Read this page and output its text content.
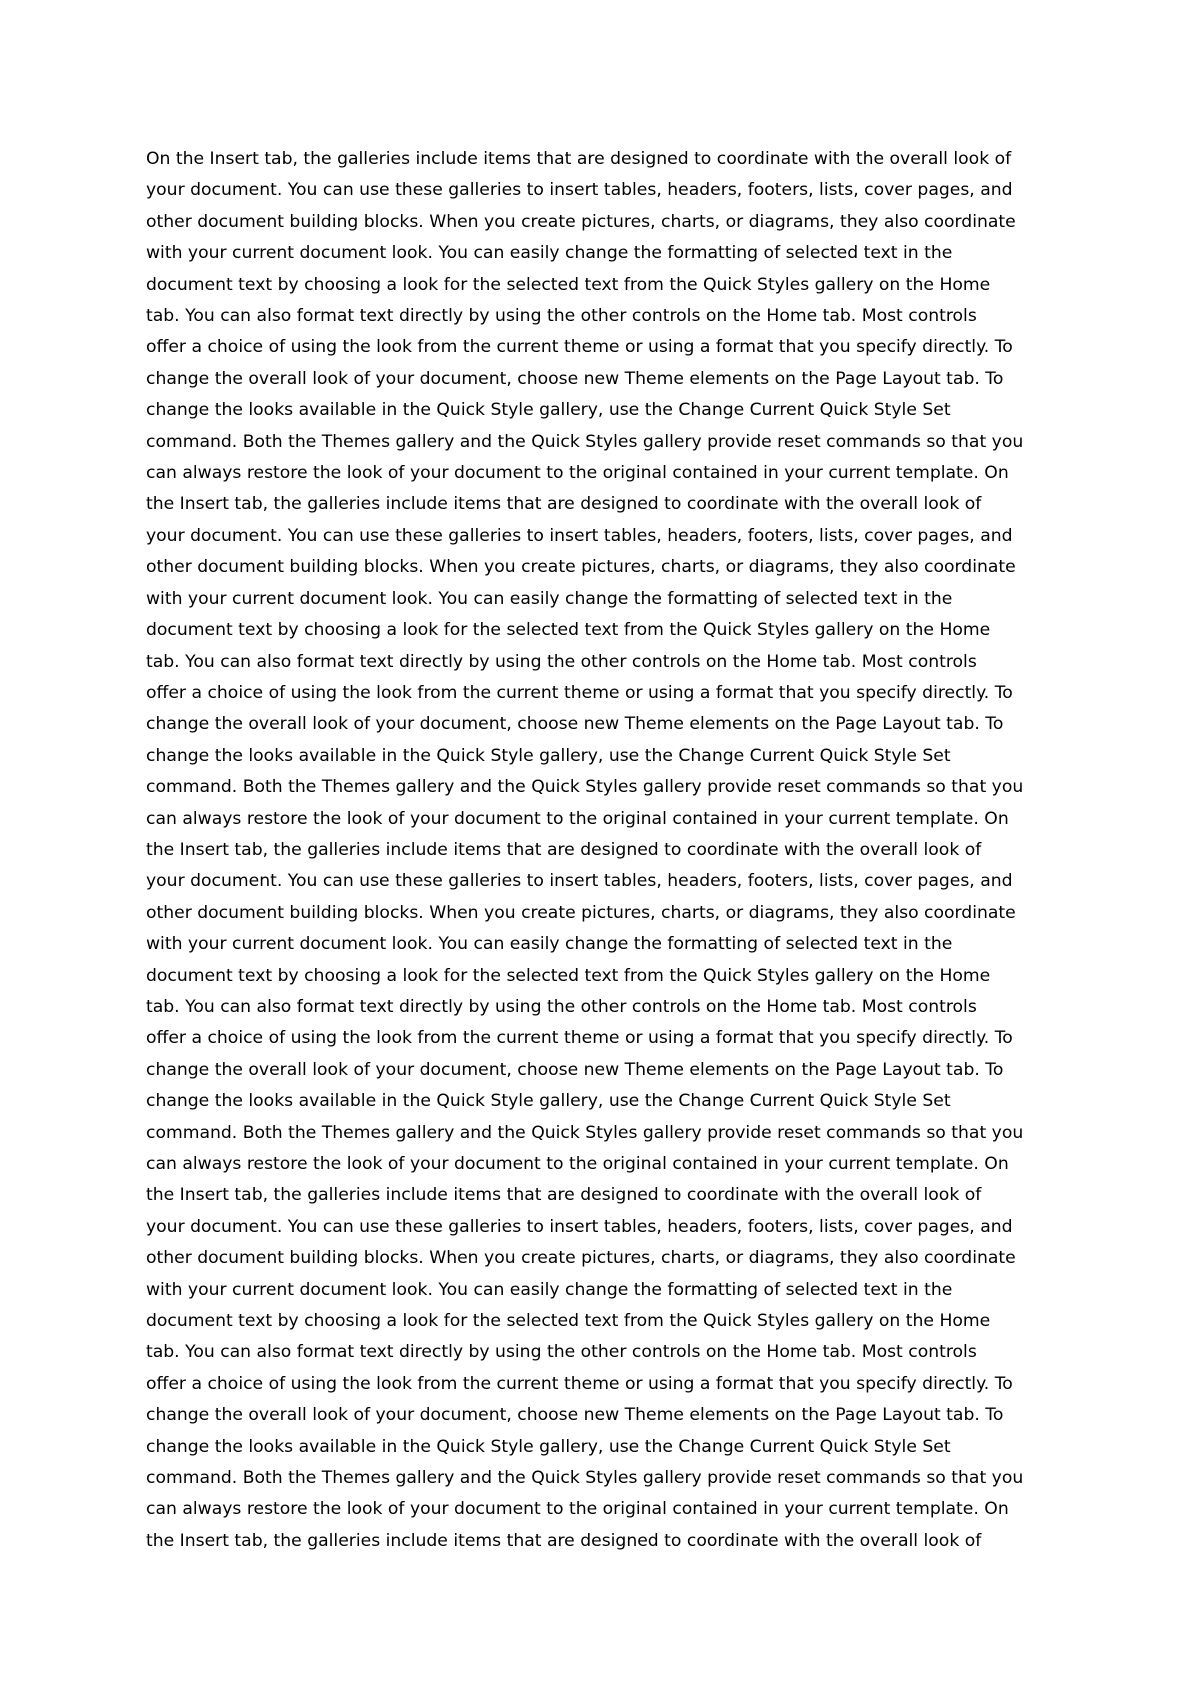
On the Insert tab, the galleries include items that are designed to coordinate with the overall look of
your document. You can use these galleries to insert tables, headers, footers, lists, cover pages, and
other document building blocks. When you create pictures, charts, or diagrams, they also coordinate
with your current document look. You can easily change the formatting of selected text in the
document text by choosing a look for the selected text from the Quick Styles gallery on the Home
tab. You can also format text directly by using the other controls on the Home tab. Most controls
offer a choice of using the look from the current theme or using a format that you specify directly. To
change the overall look of your document, choose new Theme elements on the Page Layout tab. To
change the looks available in the Quick Style gallery, use the Change Current Quick Style Set
command. Both the Themes gallery and the Quick Styles gallery provide reset commands so that you
can always restore the look of your document to the original contained in your current template. On
the Insert tab, the galleries include items that are designed to coordinate with the overall look of
your document. You can use these galleries to insert tables, headers, footers, lists, cover pages, and
other document building blocks. When you create pictures, charts, or diagrams, they also coordinate
with your current document look. You can easily change the formatting of selected text in the
document text by choosing a look for the selected text from the Quick Styles gallery on the Home
tab. You can also format text directly by using the other controls on the Home tab. Most controls
offer a choice of using the look from the current theme or using a format that you specify directly. To
change the overall look of your document, choose new Theme elements on the Page Layout tab. To
change the looks available in the Quick Style gallery, use the Change Current Quick Style Set
command. Both the Themes gallery and the Quick Styles gallery provide reset commands so that you
can always restore the look of your document to the original contained in your current template. On
the Insert tab, the galleries include items that are designed to coordinate with the overall look of
your document. You can use these galleries to insert tables, headers, footers, lists, cover pages, and
other document building blocks. When you create pictures, charts, or diagrams, they also coordinate
with your current document look. You can easily change the formatting of selected text in the
document text by choosing a look for the selected text from the Quick Styles gallery on the Home
tab. You can also format text directly by using the other controls on the Home tab. Most controls
offer a choice of using the look from the current theme or using a format that you specify directly. To
change the overall look of your document, choose new Theme elements on the Page Layout tab. To
change the looks available in the Quick Style gallery, use the Change Current Quick Style Set
command. Both the Themes gallery and the Quick Styles gallery provide reset commands so that you
can always restore the look of your document to the original contained in your current template. On
the Insert tab, the galleries include items that are designed to coordinate with the overall look of
your document. You can use these galleries to insert tables, headers, footers, lists, cover pages, and
other document building blocks. When you create pictures, charts, or diagrams, they also coordinate
with your current document look. You can easily change the formatting of selected text in the
document text by choosing a look for the selected text from the Quick Styles gallery on the Home
tab. You can also format text directly by using the other controls on the Home tab. Most controls
offer a choice of using the look from the current theme or using a format that you specify directly. To
change the overall look of your document, choose new Theme elements on the Page Layout tab. To
change the looks available in the Quick Style gallery, use the Change Current Quick Style Set
command. Both the Themes gallery and the Quick Styles gallery provide reset commands so that you
can always restore the look of your document to the original contained in your current template. On
the Insert tab, the galleries include items that are designed to coordinate with the overall look of
